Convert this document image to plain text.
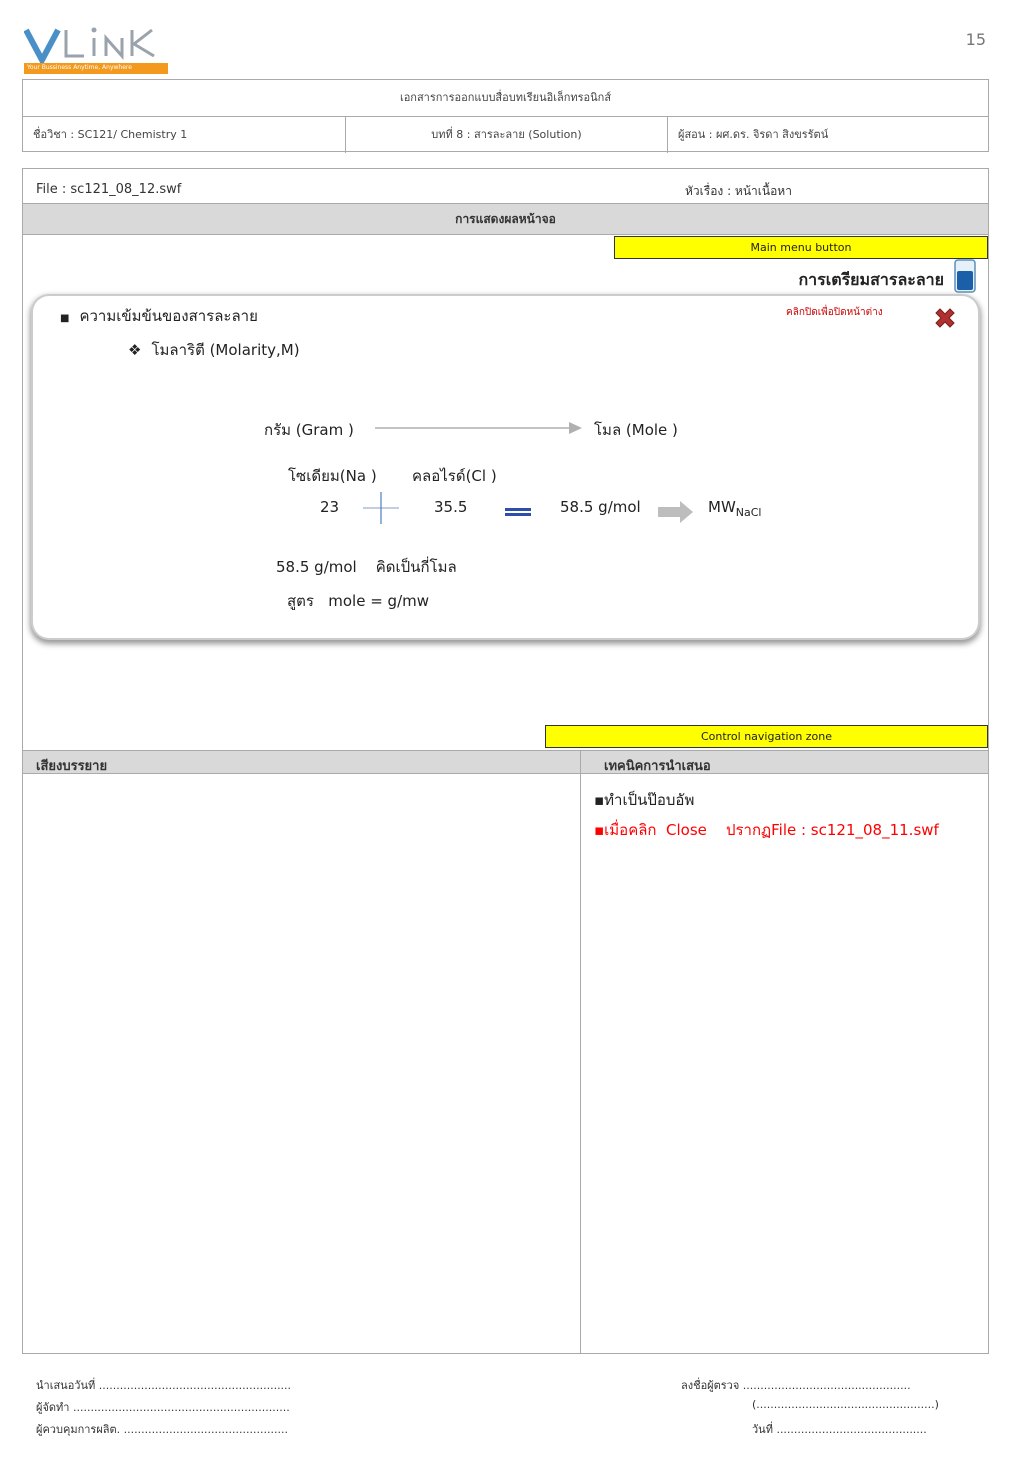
Your Bussiness Anytime, Anywhere
15
เอกสารการออกแบบสื่อบทเรียนอิเล็กทรอนิกส์
ชื่อวิชา : SC121/ Chemistry 1	บทที่ 8 : สารละลาย (Solution)	ผู้สอน : ผศ.ดร. จิรดา สิงขรรัตน์
File : sc121_08_12.swf	หัวเรื่อง : หน้าเนื้อหา
การแสดงผลหน้าจอ
Main menu button
การเตรียมสารละลาย
■ ความเข้มข้นของสารละลาย
❖ โมลาริตี (Molarity,M)
คลิกปิดเพื่อปิดหน้าต่าง
กรัม (Gram )	โมล (Mole )
โซเดียม(Na ) คลอไรด์(Cl )
23	35.5	58.5 g/mol	$MW_{NaCl}$
58.5 g/mol    คิดเป็นกี่โมล
สูตร   mole = g/mw
Control navigation zone
เสียงบรรยาย	เทคนิคการนำเสนอ
▪ทำเป็นป๊อบอัพ
▪เมื่อคลิก  Close    ปรากฏFile : sc121_08_11.swf
นำเสนอวันที่ .......................................................
ผู้จัดทำ ..............................................................
ผู้ควบคุมการผลิต. ...............................................
ลงชื่อผู้ตรวจ ................................................
(...................................................)
วันที่ ...........................................
